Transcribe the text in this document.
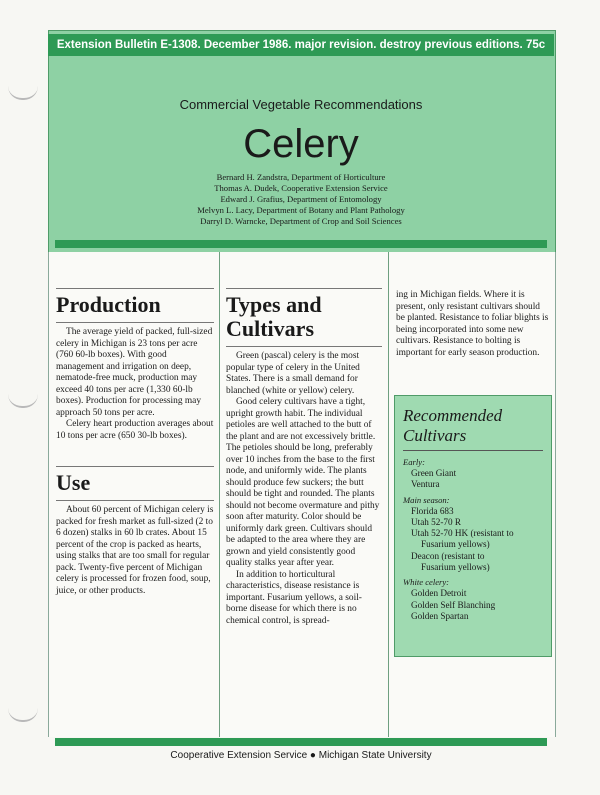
Extension Bulletin E-1308. December 1986. major revision. destroy previous editions. 75c
Commercial Vegetable Recommendations
Celery
Bernard H. Zandstra, Department of Horticulture
Thomas A. Dudek, Cooperative Extension Service
Edward J. Grafius, Department of Entomology
Melvyn L. Lacy, Department of Botany and Plant Pathology
Darryl D. Warncke, Department of Crop and Soil Sciences
Production

The average yield of packed, full-sized celery in Michigan is 23 tons per acre (760 60-lb boxes). With good management and irrigation on deep, nematode-free muck, production may exceed 40 tons per acre (1,330 60-lb boxes). Production for processing may approach 50 tons per acre.

Celery heart production averages about 10 tons per acre (650 30-lb boxes).

Use

About 60 percent of Michigan celery is packed for fresh market as full-sized (2 to 6 dozen) stalks in 60 lb crates. About 15 percent of the crop is packed as hearts, using stalks that are too small for regular pack. Twenty-five percent of Michigan celery is processed for frozen food, soup, juice, or other products.

Types and Cultivars

Green (pascal) celery is the most popular type of celery in the United States. There is a small demand for blanched (white or yellow) celery.

Good celery cultivars have a tight, upright growth habit. The individual petioles are well attached to the butt of the plant and are not excessively brittle. The petioles should be long, preferably over 10 inches from the base to the first node, and uniformly wide. The plants should produce few suckers; the butt should be tight and rounded. The plants should not become overmature and pithy soon after maturity. Color should be uniformly dark green. Cultivars should be adapted to the area where they are grown and yield consistently good quality stalks year after year.

In addition to horticultural characteristics, disease resistance is important. Fusarium yellows, a soil-borne disease for which there is no chemical control, is spread-

ing in Michigan fields. Where it is present, only resistant cultivars should be planted. Resistance to foliar blights is being incorporated into some new cultivars. Resistance to bolting is important for early season production.

Recommended Cultivars
Early:
Green Giant
Ventura
Main season:
Florida 683
Utah 52-70 R
Utah 52-70 HK (resistant to
Fusarium yellows)
Deacon (resistant to
Fusarium yellows)
White celery:
Golden Detroit
Golden Self Blanching
Golden Spartan
Cooperative Extension Service ● Michigan State University
